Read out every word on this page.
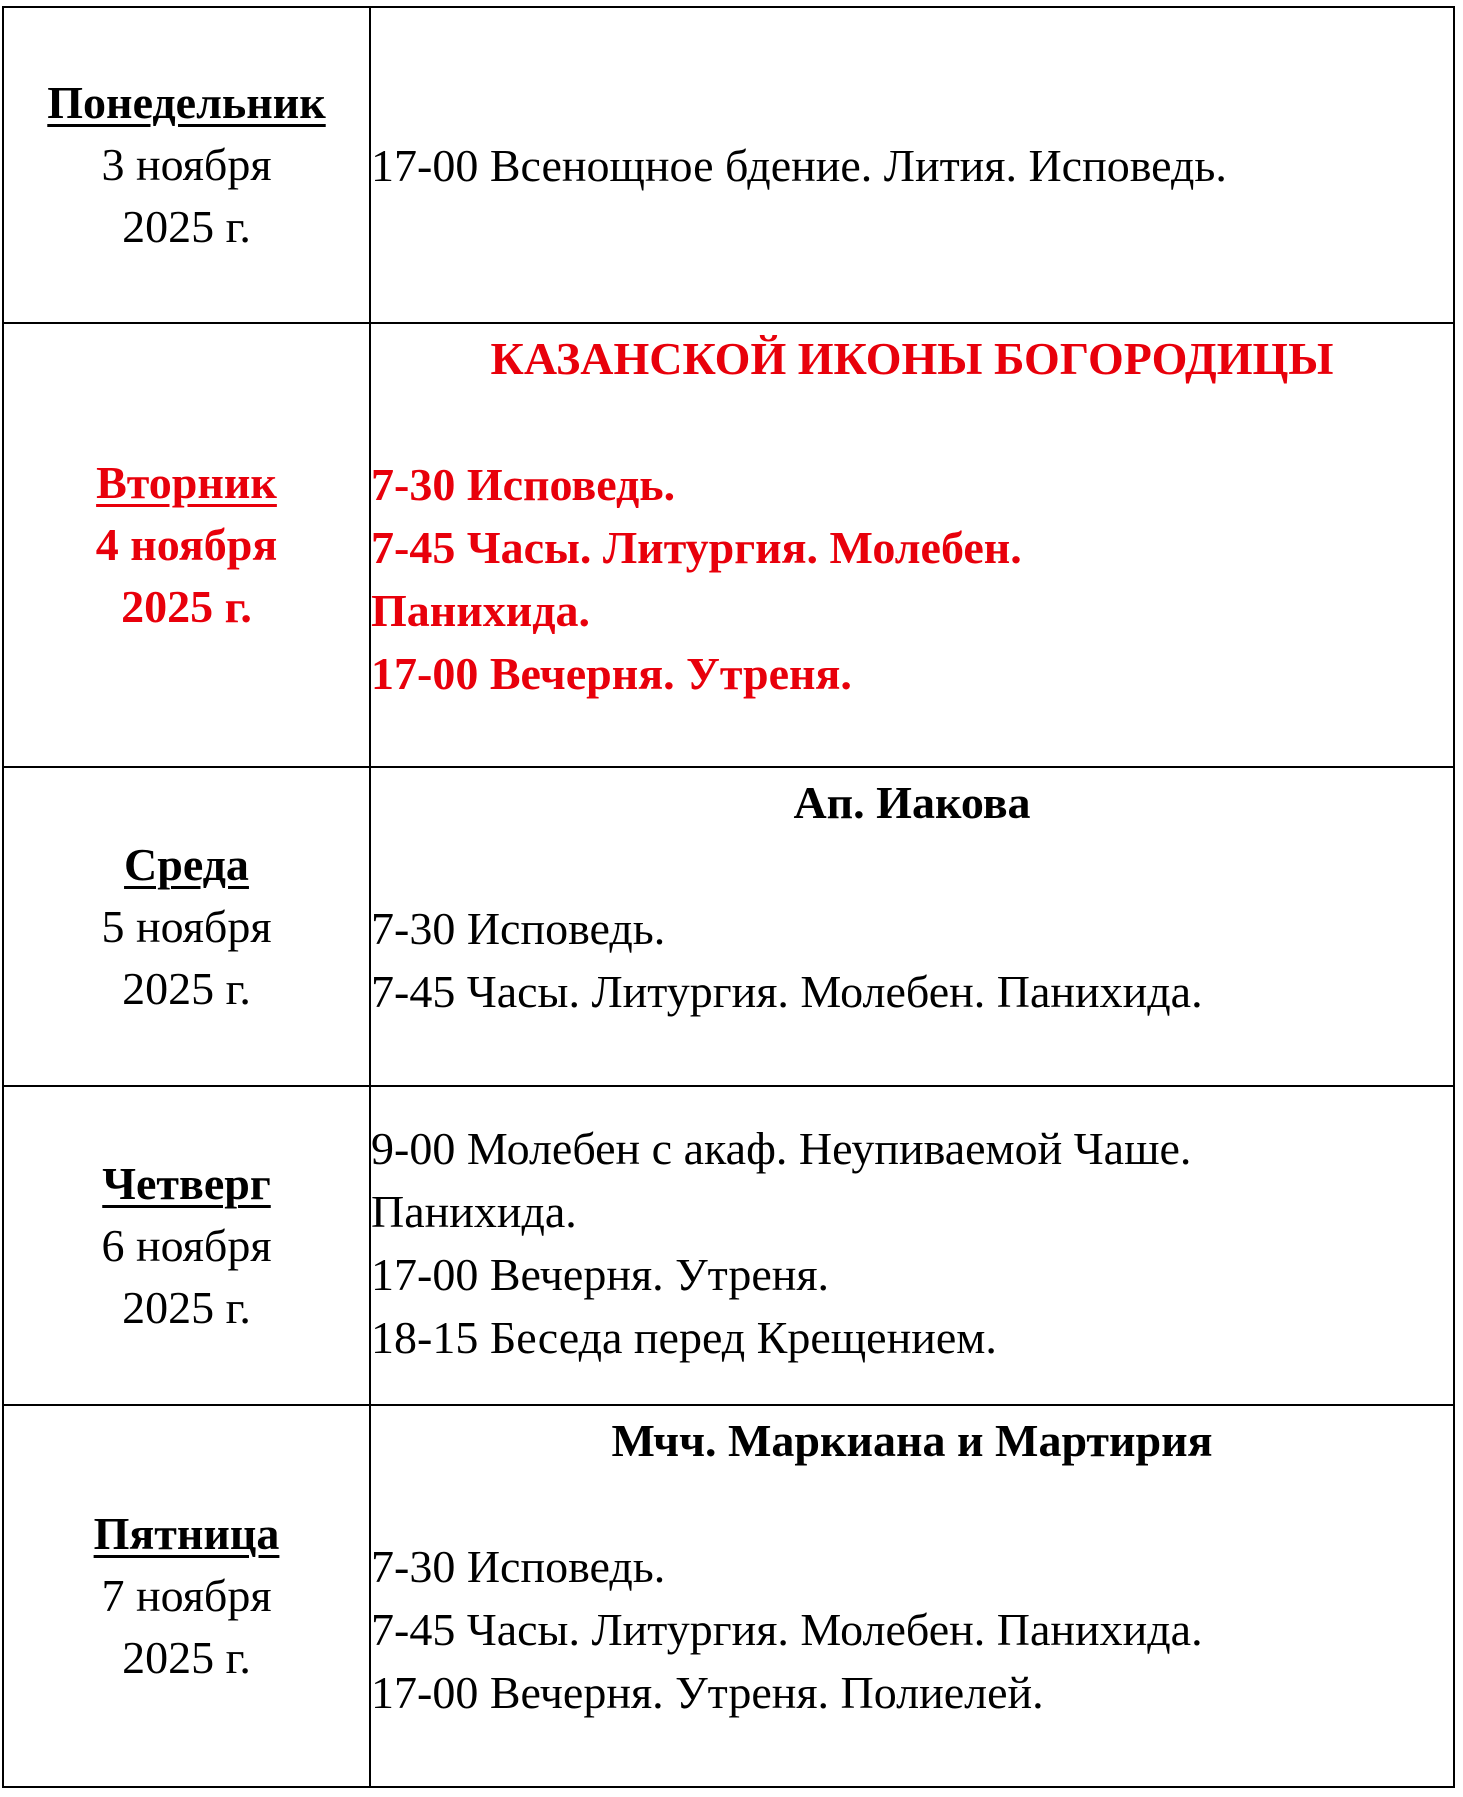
Понедельник
3 ноября
2025 г.	17-00 Всенощное бдение. Лития. Исповедь.

Вторник
4 ноября
2025 г.	КАЗАНСКОЙ ИКОНЫ БОГОРОДИЦЫ
7-30 Исповедь.
7-45 Часы. Литургия. Молебен.
Панихида.
17-00 Вечерня. Утреня.

Среда
5 ноября
2025 г.	Ап. Иакова
7-30 Исповедь.
7-45 Часы. Литургия. Молебен. Панихида.

Четверг
6 ноября
2025 г.	9-00 Молебен с акаф. Неупиваемой Чаше.
Панихида.
17-00 Вечерня. Утреня.
18-15 Беседа перед Крещением.

Пятница
7 ноября
2025 г.	Мчч. Маркиана и Мартирия
7-30 Исповедь.
7-45 Часы. Литургия. Молебен. Панихида.
17-00 Вечерня. Утреня. Полиелей.
